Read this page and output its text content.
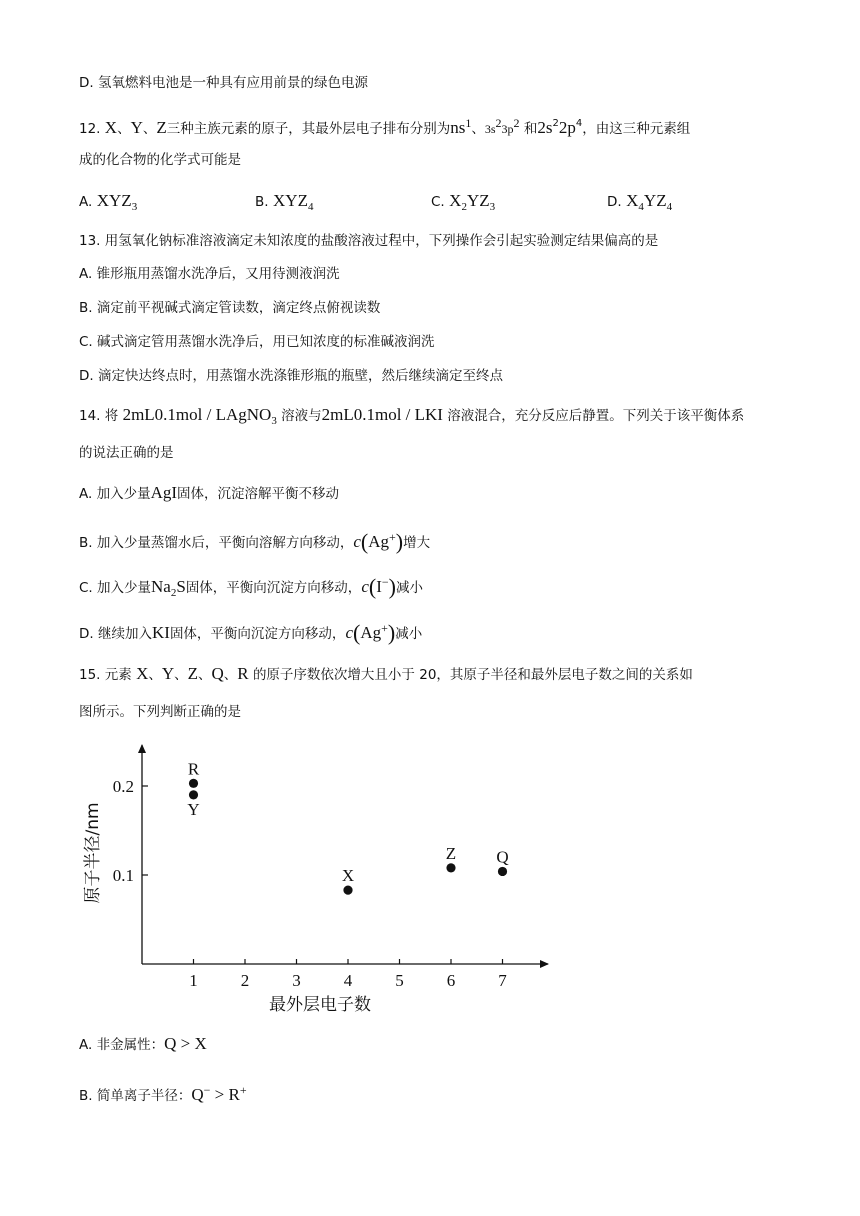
D. 氢氧燃料电池是一种具有应用前景的绿色电源
12. X、Y、Z三种主族元素的原子，其最外层电子排布分别为ns1、3s23p2 和$2s^22p^4$，由这三种元素组
成的化合物的化学式可能是
A. $XYZ_3$	B. $XYZ_4$	C. $X_2YZ_3$	D. $X_4YZ_4$
13. 用氢氧化钠标准溶液滴定未知浓度的盐酸溶液过程中，下列操作会引起实验测定结果偏高的是
A. 锥形瓶用蒸馏水洗净后，又用待测液润洗
B. 滴定前平视碱式滴定管读数，滴定终点俯视读数
C. 碱式滴定管用蒸馏水洗净后，用已知浓度的标准碱液润洗
D. 滴定快达终点时，用蒸馏水洗涤锥形瓶的瓶壁，然后继续滴定至终点
14. 将 2mL0.1mol / LAgNO$_3$ 溶液与2mL0.1mol / LKI 溶液混合，充分反应后静置。下列关于该平衡体系
的说法正确的是
A. 加入少量AgI固体，沉淀溶解平衡不移动
B. 加入少量蒸馏水后，平衡向溶解方向移动，c(Ag+)增大
C. 加入少量$Na_2S$固体，平衡向沉淀方向移动，c(I−)减小
D. 继续加入KI固体，平衡向沉淀方向移动，c(Ag+)减小
15. 元素 X、Y、Z、Q、R 的原子序数依次增大且小于 20，其原子半径和最外层电子数之间的关系如
图所示。下列判断正确的是
1	2	3	4	5	6	7
0.1
0.2
R
Y
X
Z Q
最外层电子数
原子半径/nm
A. 非金属性：Q > X
B. 简单离子半径：Q− > R+
